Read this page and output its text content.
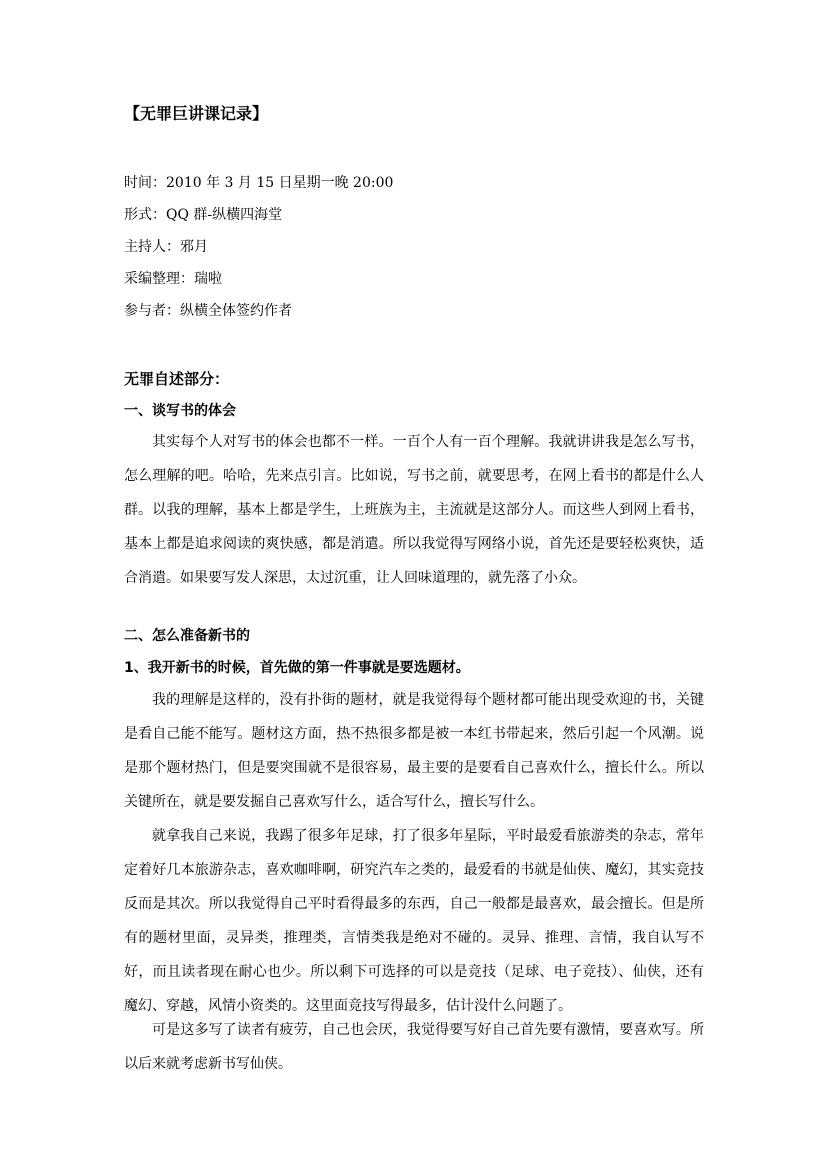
【无罪巨讲课记录】
时间：2010 年 3 月 15 日星期一晚 20:00
形式：QQ 群-纵横四海堂
主持人：邪月
采编整理：瑞啦
参与者：纵横全体签约作者
无罪自述部分：
一、谈写书的体会
其实每个人对写书的体会也都不一样。一百个人有一百个理解。我就讲讲我是怎么写书，怎么理解的吧。哈哈，先来点引言。比如说，写书之前，就要思考，在网上看书的都是什么人群。以我的理解，基本上都是学生，上班族为主，主流就是这部分人。而这些人到网上看书，基本上都是追求阅读的爽快感，都是消遣。所以我觉得写网络小说，首先还是要轻松爽快，适合消遣。如果要写发人深思，太过沉重，让人回味道理的，就先落了小众。
二、怎么准备新书的
1、我开新书的时候，首先做的第一件事就是要选题材。
我的理解是这样的，没有扑街的题材，就是我觉得每个题材都可能出现受欢迎的书，关键是看自己能不能写。题材这方面，热不热很多都是被一本红书带起来，然后引起一个风潮。说是那个题材热门，但是要突围就不是很容易，最主要的是要看自己喜欢什么，擅长什么。所以关键所在，就是要发掘自己喜欢写什么，适合写什么，擅长写什么。
就拿我自己来说，我踢了很多年足球，打了很多年星际，平时最爱看旅游类的杂志，常年定着好几本旅游杂志，喜欢咖啡啊，研究汽车之类的，最爱看的书就是仙侠、魔幻，其实竞技反而是其次。所以我觉得自己平时看得最多的东西，自己一般都是最喜欢，最会擅长。但是所有的题材里面，灵异类，推理类，言情类我是绝对不碰的。灵异、推理、言情，我自认写不好，而且读者现在耐心也少。所以剩下可选择的可以是竞技（足球、电子竞技）、仙侠，还有魔幻、穿越，风情小资类的。这里面竞技写得最多，估计没什么问题了。
可是这多写了读者有疲劳，自己也会厌，我觉得要写好自己首先要有激情，要喜欢写。所以后来就考虑新书写仙侠。
